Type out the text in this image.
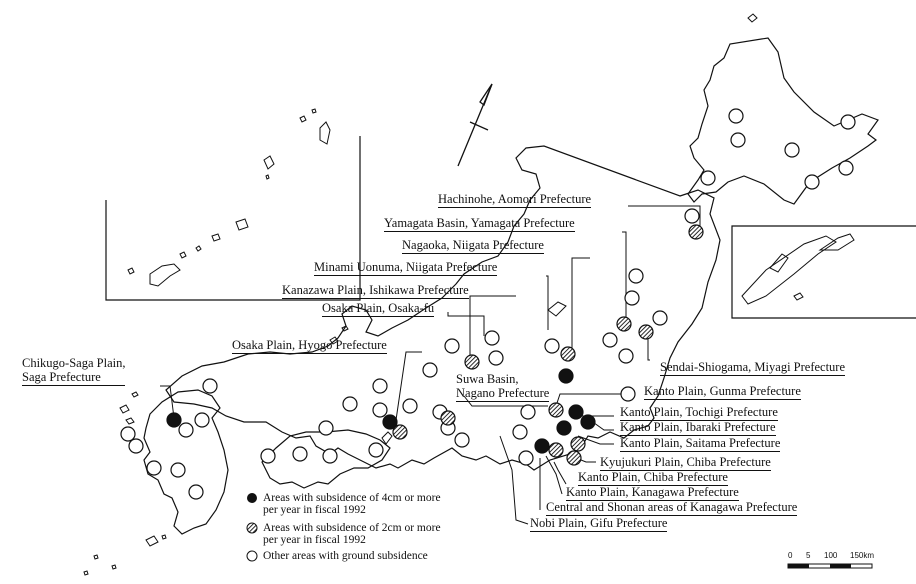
Hachinohe, Aomori Prefecture
Yamagata Basin, Yamagata Prefecture
Nagaoka, Niigata Prefecture
Minami Uonuma, Niigata Prefecture
Kanazawa Plain, Ishikawa Prefecture
Osaka Plain, Osaka-fu
Osaka Plain, Hyogo Prefecture
Chikugo-Saga Plain,
Saga Prefecture	Suwa Basin,
Nagano Prefecture
Sendai-Shiogama, Miyagi Prefecture
Kanto Plain, Gunma Prefecture
Kanto Plain, Tochigi Prefecture
Kanto Plain, Ibaraki Prefecture
Kanto Plain, Saitama Prefecture
Kyujukuri Plain, Chiba Prefecture
Kanto Plain, Chiba Prefecture
Kanto Plain, Kanagawa Prefecture
Central and Shonan areas of Kanagawa Prefecture
Nobi Plain, Gifu Prefecture
Areas with subsidence of 4cm or more
per year in fiscal 1992
Areas with subsidence of 2cm or more
per year in fiscal 1992
Other areas with ground subsidence	0 5 100 150km
